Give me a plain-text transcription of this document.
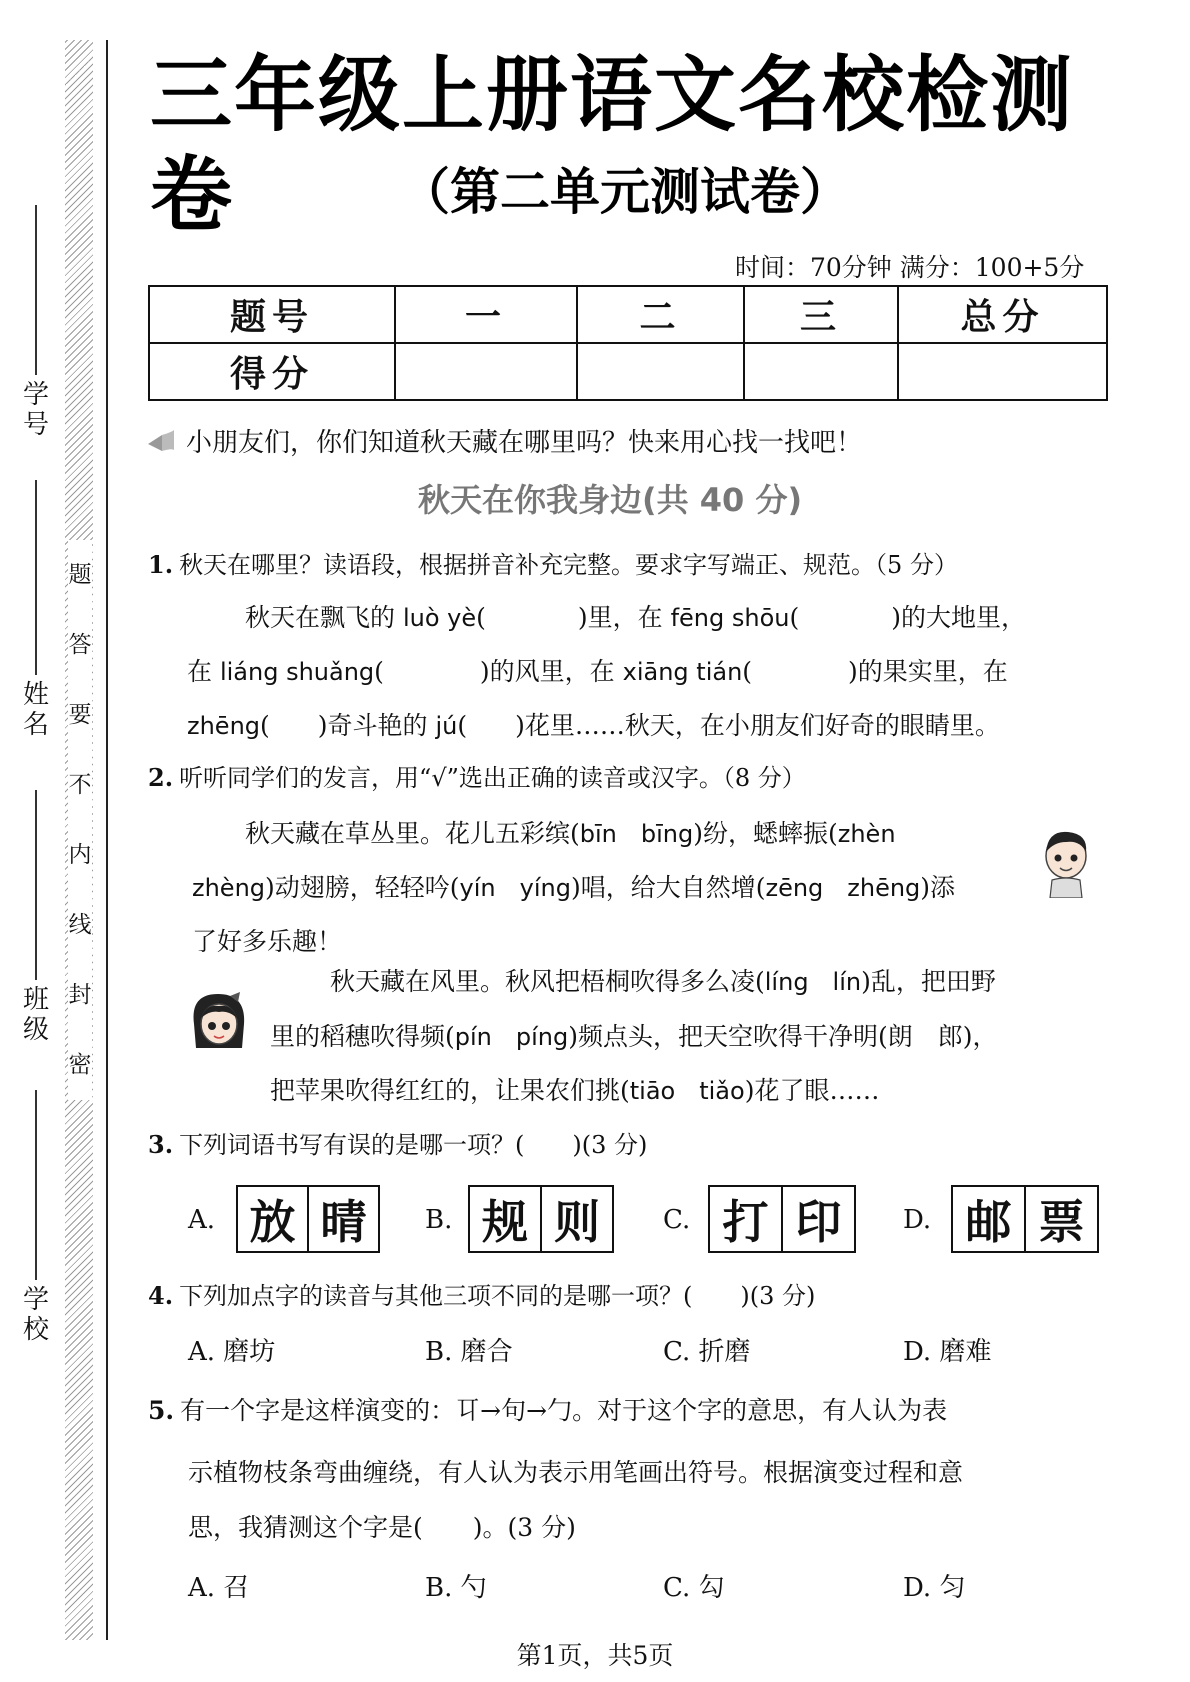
学号
姓名
班级
学校
题
答
要
不
内
线
封
密
三年级上册语文名校检测卷	（第二单元测试卷）
时间：70分钟 满分：100+5分
题号	一	二	三	总分
得分				
小朋友们，你们知道秋天藏在哪里吗？快来用心找一找吧！
秋天在你我身边(共 40 分)
1. 秋天在哪里？读语段，根据拼音补充完整。要求字写端正、规范。（5 分）
秋天在飘飞的 luò yè(	)里，在 fēng shōu(	)的大地里，
在 liáng shuǎng(	)的风里，在 xiāng tián(	)的果实里，在
zhēng( )奇斗艳的 jú( )花里……秋天，在小朋友们好奇的眼睛里。
2. 听听同学们的发言，用“√”选出正确的读音或汉字。（8 分）
秋天藏在草丛里。花儿五彩缤(bīn　bīng)纷，蟋蟀振(zhèn
zhèng)动翅膀，轻轻吟(yín　yíng)唱，给大自然增(zēng　zhēng)添
了好多乐趣！
秋天藏在风里。秋风把梧桐吹得多么凌(líng　lín)乱，把田野
里的稻穗吹得频(pín　píng)频点头，把天空吹得干净明(朗　郎)，
把苹果吹得红红的，让果农们挑(tiāo　tiǎo)花了眼……
3. 下列词语书写有误的是哪一项？(　　)(3 分)
A. 放 晴	B. 规 则	C. 打 印	D. 邮 票
4. 下列加点字的读音与其他三项不同的是哪一项？(　　)(3 分)
A. 磨坊	B. 磨合	C. 折磨	D. 磨难
5. 有一个字是这样演变的：㔿→句→勹。对于这个字的意思，有人认为表
示植物枝条弯曲缠绕，有人认为表示用笔画出符号。根据演变过程和意
思，我猜测这个字是(　　)。(3 分)
A. 召	B. 勺	C. 勾	D. 匀
第1页，共5页
